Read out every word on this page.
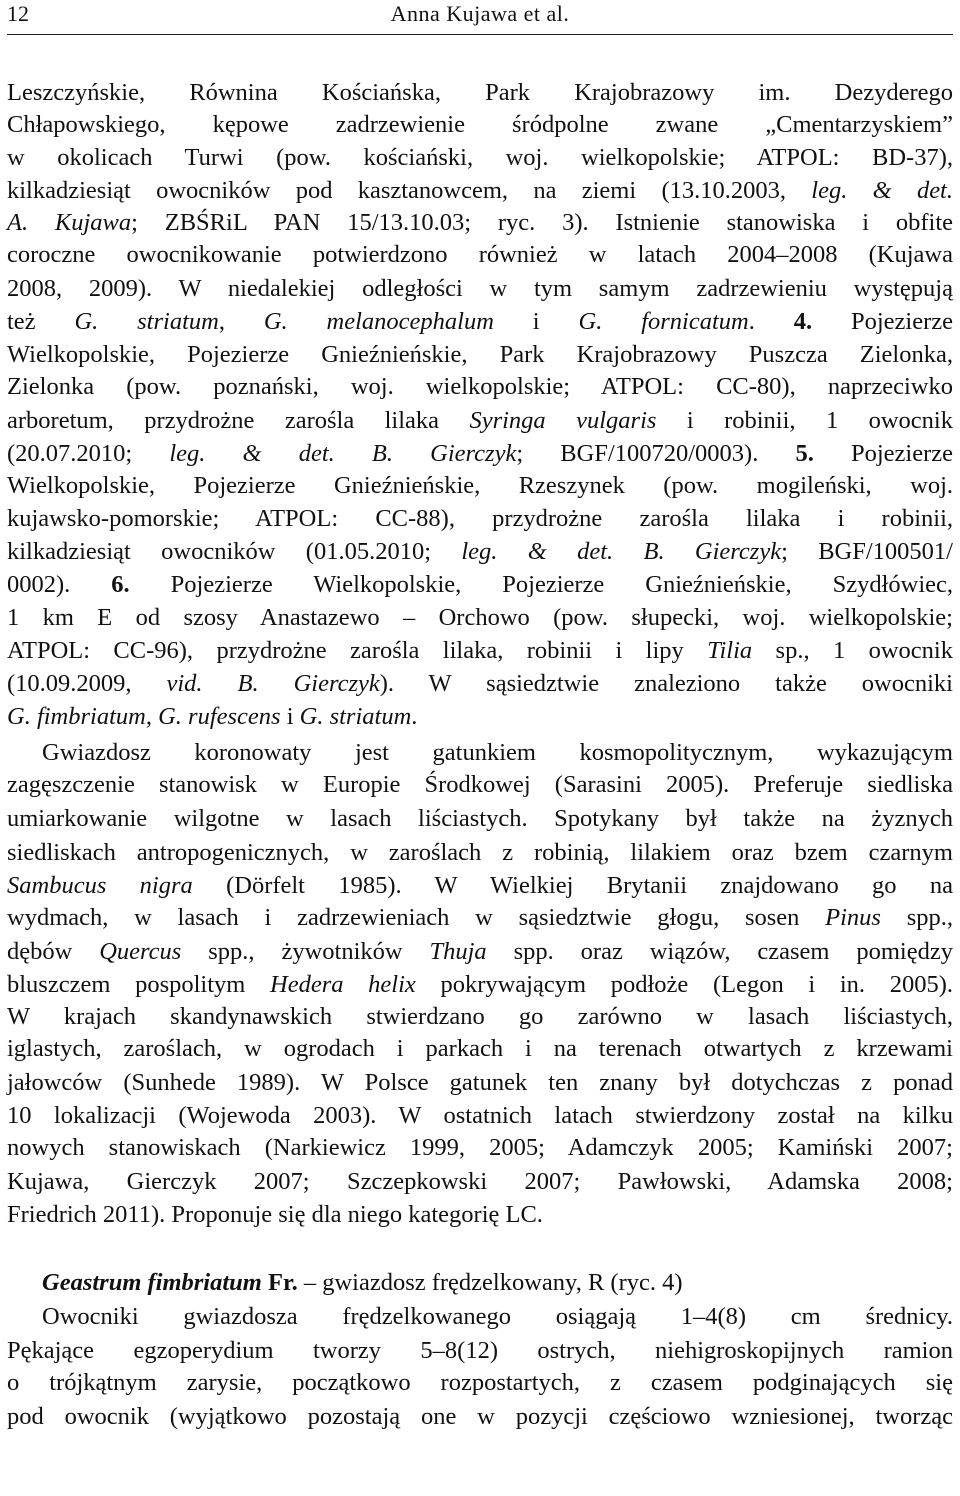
12	Anna Kujawa et al.
Leszczyńskie, Równina Kościańska, Park Krajobrazowy im. Dezyderego
Chłapowskiego, kępowe zadrzewienie śródpolne zwane „Cmentarzyskiem”
w okolicach Turwi (pow. kościański, woj. wielkopolskie; ATPOL: BD-37),
kilkadziesiąt owocników pod kasztanowcem, na ziemi (13.10.2003, leg. & det.
A. Kujawa; ZBŚRiL PAN 15/13.10.03; ryc. 3). Istnienie stanowiska i obfite
coroczne owocnikowanie potwierdzono również w latach 2004–2008 (Kujawa
2008, 2009). W niedalekiej odległości w tym samym zadrzewieniu występują
też G. striatum, G. melanocephalum i G. fornicatum. 4. Pojezierze
Wielkopolskie, Pojezierze Gnieźnieńskie, Park Krajobrazowy Puszcza Zielonka,
Zielonka (pow. poznański, woj. wielkopolskie; ATPOL: CC-80), naprzeciwko
arboretum, przydrożne zarośla lilaka Syringa vulgaris i robinii, 1 owocnik
(20.07.2010; leg. & det. B. Gierczyk; BGF/100720/0003). 5. Pojezierze
Wielkopolskie, Pojezierze Gnieźnieńskie, Rzeszynek (pow. mogileński, woj.
kujawsko-pomorskie; ATPOL: CC-88), przydrożne zarośla lilaka i robinii,
kilkadziesiąt owocników (01.05.2010; leg. & det. B. Gierczyk; BGF/100501/
0002). 6. Pojezierze Wielkopolskie, Pojezierze Gnieźnieńskie, Szydłówiec,
1 km E od szosy Anastazewo – Orchowo (pow. słupecki, woj. wielkopolskie;
ATPOL: CC-96), przydrożne zarośla lilaka, robinii i lipy Tilia sp., 1 owocnik
(10.09.2009, vid. B. Gierczyk). W sąsiedztwie znaleziono także owocniki
G. fimbriatum, G. rufescens i G. striatum.
Gwiazdosz koronowaty jest gatunkiem kosmopolitycznym, wykazującym
zagęszczenie stanowisk w Europie Środkowej (Sarasini 2005). Preferuje siedliska
umiarkowanie wilgotne w lasach liściastych. Spotykany był także na żyznych
siedliskach antropogenicznych, w zaroślach z robinią, lilakiem oraz bzem czarnym
Sambucus nigra (Dörfelt 1985). W Wielkiej Brytanii znajdowano go na
wydmach, w lasach i zadrzewieniach w sąsiedztwie głogu, sosen Pinus spp.,
dębów Quercus spp., żywotników Thuja spp. oraz wiązów, czasem pomiędzy
bluszczem pospolitym Hedera helix pokrywającym podłoże (Legon i in. 2005).
W krajach skandynawskich stwierdzano go zarówno w lasach liściastych,
iglastych, zaroślach, w ogrodach i parkach i na terenach otwartych z krzewami
jałowców (Sunhede 1989). W Polsce gatunek ten znany był dotychczas z ponad
10 lokalizacji (Wojewoda 2003). W ostatnich latach stwierdzony został na kilku
nowych stanowiskach (Narkiewicz 1999, 2005; Adamczyk 2005; Kamiński 2007;
Kujawa, Gierczyk 2007; Szczepkowski 2007; Pawłowski, Adamska 2008;
Friedrich 2011). Proponuje się dla niego kategorię LC.
Geastrum fimbriatum Fr. – gwiazdosz frędzelkowany, R (ryc. 4)
Owocniki gwiazdosza frędzelkowanego osiągają 1–4(8) cm średnicy.
Pękające egzoperydium tworzy 5–8(12) ostrych, niehigroskopijnych ramion
o trójkątnym zarysie, początkowo rozpostartych, z czasem podginających się
pod owocnik (wyjątkowo pozostają one w pozycji częściowo wzniesionej, tworząc
